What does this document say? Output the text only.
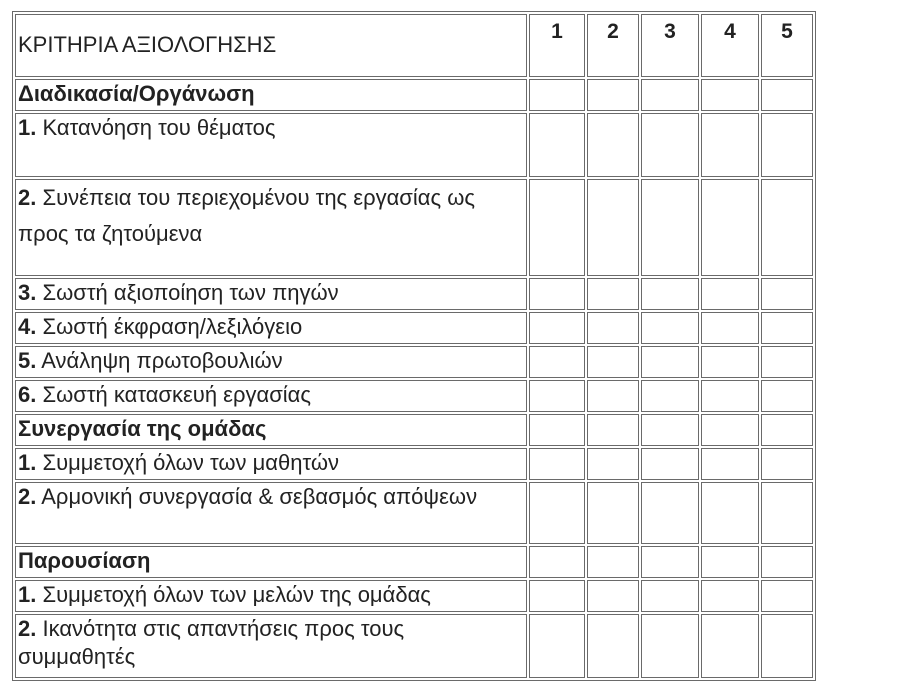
ΚΡΙΤΗΡΙΑ ΑΞΙΟΛΟΓΗΣΗΣ	1	2	3	4	5
Διαδικασία/Οργάνωση					
1. Κατανόηση του θέματος					
2. Συνέπεια του περιεχομένου της εργασίας ως προς τα ζητούμενα					
3. Σωστή αξιοποίηση των πηγών					
4. Σωστή έκφραση/λεξιλόγειο					
5. Ανάληψη πρωτοβουλιών					
6. Σωστή κατασκευή εργασίας					
Συνεργασία της ομάδας					
1. Συμμετοχή όλων των μαθητών					
2. Αρμονική συνεργασία & σεβασμός απόψεων					
Παρουσίαση					
1. Συμμετοχή όλων των μελών της ομάδας					
2. Ικανότητα στις απαντήσεις προς τους συμμαθητές					
